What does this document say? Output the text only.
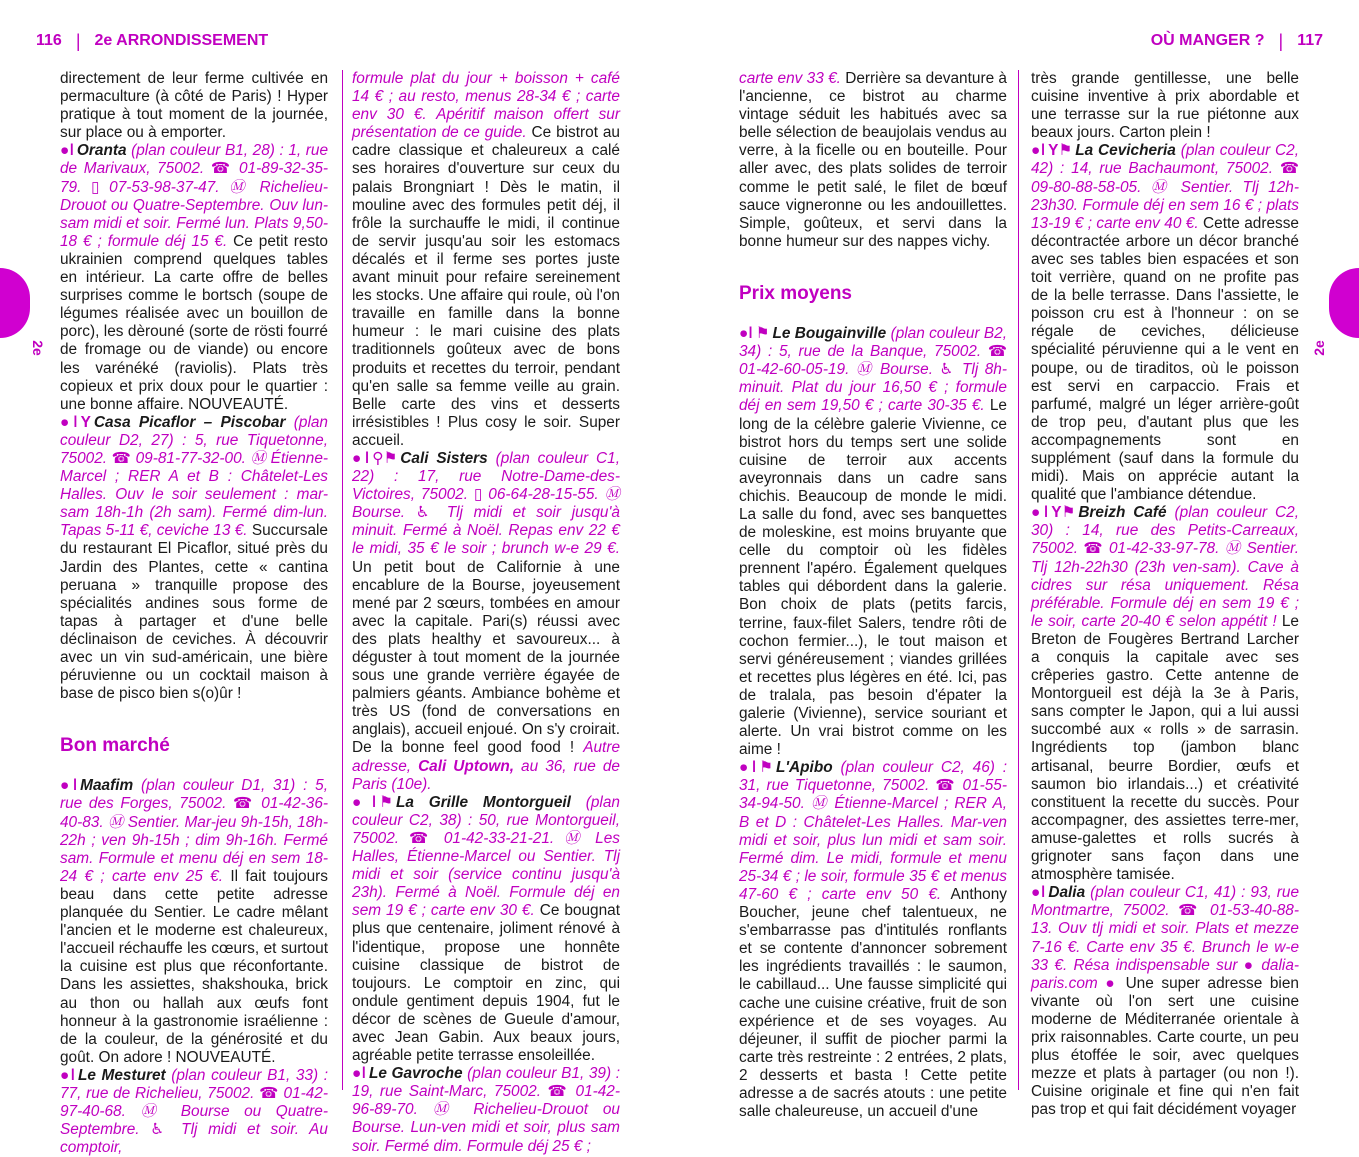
116 | 2e ARRONDISSEMENT	OÙ MANGER ? | 117
2e	2e

directement de leur ferme cultivée en permaculture (à côté de Paris) ! Hyper pratique à tout moment de la journée, sur place ou à emporter.

●ǀ Oranta (plan couleur B1, 28) : 1, rue de Marivaux, 75002. ☎ 01-89-32-35-79. ▯ 07-53-98-37-47. Ⓜ Richelieu-Drouot ou Quatre-Septembre. Ouv lun-sam midi et soir. Fermé lun. Plats 9,50-18 € ; formule déj 15 €. Ce petit resto ukrainien comprend quelques tables en intérieur. La carte offre de belles surprises comme le bortsch (soupe de légumes réalisée avec un bouillon de porc), les dèrouné (sorte de rösti fourré de fromage ou de viande) ou encore les varénéké (raviolis). Plats très copieux et prix doux pour le quartier : une bonne affaire. NOUVEAUTÉ.

●ǀ Y Casa Picaflor – Piscobar (plan couleur D2, 27) : 5, rue Tiquetonne, 75002. ☎ 09-81-77-32-00. Ⓜ Étienne-Marcel ; RER A et B : Châtelet-Les Halles. Ouv le soir seulement : mar-sam 18h-1h (2h sam). Fermé dim-lun. Tapas 5-11 €, ceviche 13 €. Succursale du restaurant El Picaflor, situé près du Jardin des Plantes, cette « cantina peruana » tranquille propose des spécialités andines sous forme de tapas à partager et d'une belle déclinaison de ceviches. À découvrir avec un vin sud-américain, une bière péruvienne ou un cocktail maison à base de pisco bien s(o)ûr !

Bon marché

●ǀ Maafim (plan couleur D1, 31) : 5, rue des Forges, 75002. ☎ 01-42-36-40-83. Ⓜ Sentier. Mar-jeu 9h-15h, 18h-22h ; ven 9h-15h ; dim 9h-16h. Fermé sam. Formule et menu déj en sem 18-24 € ; carte env 25 €. Il fait toujours beau dans cette petite adresse planquée du Sentier. Le cadre mêlant l'ancien et le moderne est chaleureux, l'accueil réchauffe les cœurs, et surtout la cuisine est plus que réconfortante. Dans les assiettes, shakshouka, brick au thon ou hallah aux œufs font honneur à la gastronomie israélienne : de la couleur, de la générosité et du goût. On adore ! NOUVEAUTÉ.

●ǀ Le Mesturet (plan couleur B1, 33) : 77, rue de Richelieu, 75002. ☎ 01-42-97-40-68. Ⓜ Bourse ou Quatre-Septembre. ♿ Tlj midi et soir. Au comptoir,

formule plat du jour + boisson + café 14 € ; au resto, menus 28-34 € ; carte env 30 €. Apéritif maison offert sur présentation de ce guide. Ce bistrot au cadre classique et chaleureux a calé ses horaires d'ouverture sur ceux du palais Brongniart ! Dès le matin, il mouline avec des formules petit déj, il frôle la surchauffe le midi, il continue de servir jusqu'au soir les estomacs décalés et il ferme ses portes juste avant minuit pour refaire sereinement les stocks. Une affaire qui roule, où l'on travaille en famille dans la bonne humeur : le mari cuisine des plats traditionnels goûteux avec de bons produits et recettes du terroir, pendant qu'en salle sa femme veille au grain. Belle carte des vins et desserts irrésistibles ! Plus cosy le soir. Super accueil.

●ǀ ⚲⚑ Cali Sisters (plan couleur C1, 22) : 17, rue Notre-Dame-des-Victoires, 75002. ▯ 06-64-28-15-55. Ⓜ Bourse. ♿ Tlj midi et soir jusqu'à minuit. Fermé à Noël. Repas env 22 € le midi, 35 € le soir ; brunch w-e 29 €. Un petit bout de Californie à une encablure de la Bourse, joyeusement mené par 2 sœurs, tombées en amour avec la capitale. Pari(s) réussi avec des plats healthy et savoureux... à déguster à tout moment de la journée sous une grande verrière égayée de palmiers géants. Ambiance bohème et très US (fond de conversations en anglais), accueil enjoué. On s'y croirait. De la bonne feel good food ! Autre adresse, Cali Uptown, au 36, rue de Paris (10e).

●ǀ ⚑ La Grille Montorgueil (plan couleur C2, 38) : 50, rue Montorgueil, 75002. ☎ 01-42-33-21-21. Ⓜ Les Halles, Étienne-Marcel ou Sentier. Tlj midi et soir (service continu jusqu'à 23h). Fermé à Noël. Formule déj en sem 19 € ; carte env 30 €. Ce bougnat plus que centenaire, joliment rénové à l'identique, propose une honnête cuisine classique de bistrot de toujours. Le comptoir en zinc, qui ondule gentiment depuis 1904, fut le décor de scènes de Gueule d'amour, avec Jean Gabin. Aux beaux jours, agréable petite terrasse ensoleillée.

●ǀ Le Gavroche (plan couleur B1, 39) : 19, rue Saint-Marc, 75002. ☎ 01-42-96-89-70. Ⓜ Richelieu-Drouot ou Bourse. Lun-ven midi et soir, plus sam soir. Fermé dim. Formule déj 25 € ;

carte env 33 €. Derrière sa devanture à l'ancienne, ce bistrot au charme vintage séduit les habitués avec sa belle sélection de beaujolais vendus au verre, à la ficelle ou en bouteille. Pour aller avec, des plats solides de terroir comme le petit salé, le filet de bœuf sauce vigneronne ou les andouillettes. Simple, goûteux, et servi dans la bonne humeur sur des nappes vichy.

Prix moyens

●ǀ ⚑ Le Bougainville (plan couleur B2, 34) : 5, rue de la Banque, 75002. ☎ 01-42-60-05-19. Ⓜ Bourse. ♿ Tlj 8h-minuit. Plat du jour 16,50 € ; formule déj en sem 19,50 € ; carte 30-35 €. Le long de la célèbre galerie Vivienne, ce bistrot hors du temps sert une solide cuisine de terroir aux accents aveyronnais dans un cadre sans chichis. Beaucoup de monde le midi. La salle du fond, avec ses banquettes de moleskine, est moins bruyante que celle du comptoir où les fidèles prennent l'apéro. Également quelques tables qui débordent dans la galerie. Bon choix de plats (petits farcis, terrine, faux-filet Salers, tendre rôti de cochon fermier...), le tout maison et servi généreusement ; viandes grillées et recettes plus légères en été. Ici, pas de tralala, pas besoin d'épater la galerie (Vivienne), service souriant et alerte. Un vrai bistrot comme on les aime !

●ǀ ⚑ L'Apibo (plan couleur C2, 46) : 31, rue Tiquetonne, 75002. ☎ 01-55-34-94-50. Ⓜ Étienne-Marcel ; RER A, B et D : Châtelet-Les Halles. Mar-ven midi et soir, plus lun midi et sam soir. Fermé dim. Le midi, formule et menu 25-34 € ; le soir, formule 35 € et menus 47-60 € ; carte env 50 €. Anthony Boucher, jeune chef talentueux, ne s'embarrasse pas d'intitulés ronflants et se contente d'annoncer sobrement les ingrédients travaillés : le saumon, le cabillaud... Une fausse simplicité qui cache une cuisine créative, fruit de son expérience et de ses voyages. Au déjeuner, il suffit de piocher parmi la carte très restreinte : 2 entrées, 2 plats, 2 desserts et basta ! Cette petite adresse a de sacrés atouts : une petite salle chaleureuse, un accueil d'une

très grande gentillesse, une belle cuisine inventive à prix abordable et une terrasse sur la rue piétonne aux beaux jours. Carton plein !

●ǀ Y⚑ La Cevicheria (plan couleur C2, 42) : 14, rue Bachaumont, 75002. ☎ 09-80-88-58-05. Ⓜ Sentier. Tlj 12h-23h30. Formule déj en sem 16 € ; plats 13-19 € ; carte env 40 €. Cette adresse décontractée arbore un décor branché avec ses tables bien espacées et son toit verrière, quand on ne profite pas de la belle terrasse. Dans l'assiette, le poisson cru est à l'honneur : on se régale de ceviches, délicieuse spécialité péruvienne qui a le vent en poupe, ou de tiraditos, où le poisson est servi en carpaccio. Frais et parfumé, malgré un léger arrière-goût de trop peu, d'autant plus que les accompagnements sont en supplément (sauf dans la formule du midi). Mais on apprécie autant la qualité que l'ambiance détendue.

●ǀ Y⚑ Breizh Café (plan couleur C2, 30) : 14, rue des Petits-Carreaux, 75002. ☎ 01-42-33-97-78. Ⓜ Sentier. Tlj 12h-22h30 (23h ven-sam). Cave à cidres sur résa uniquement. Résa préférable. Formule déj en sem 19 € ; le soir, carte 20-40 € selon appétit ! Le Breton de Fougères Bertrand Larcher a conquis la capitale avec ses crêperies gastro. Cette antenne de Montorgueil est déjà la 3e à Paris, sans compter le Japon, qui a lui aussi succombé aux « rolls » de sarrasin. Ingrédients top (jambon blanc artisanal, beurre Bordier, œufs et saumon bio irlandais...) et créativité constituent la recette du succès. Pour accompagner, des assiettes terre-mer, amuse-galettes et rolls sucrés à grignoter sans façon dans une atmosphère tamisée.

●ǀ Dalia (plan couleur C1, 41) : 93, rue Montmartre, 75002. ☎ 01-53-40-88-13. Ouv tlj midi et soir. Plats et mezze 7-16 €. Carte env 35 €. Brunch le w-e 33 €. Résa indispensable sur ● dalia-paris.com ● Une super adresse bien vivante où l'on sert une cuisine moderne de Méditerranée orientale à prix raisonnables. Carte courte, un peu plus étoffée le soir, avec quelques mezze et plats à partager (ou non !). Cuisine originale et fine qui n'en fait pas trop et qui fait décidément voyager
